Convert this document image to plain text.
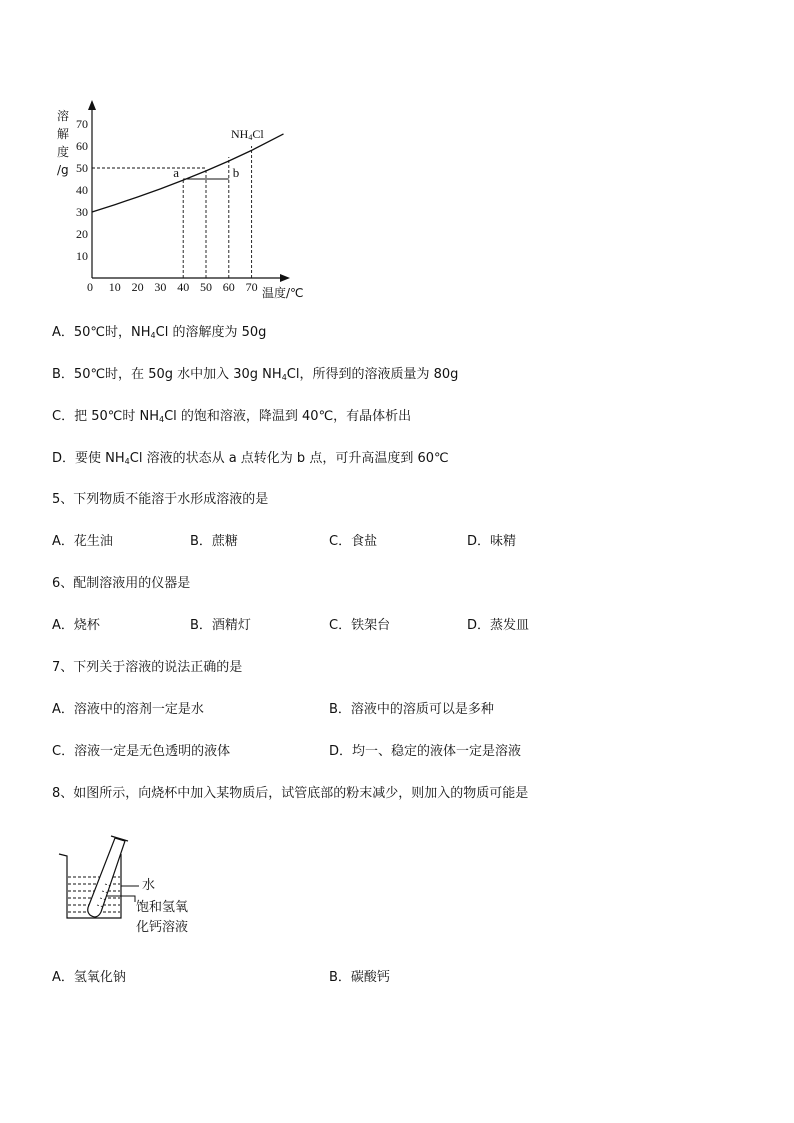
溶
解
度
/g
10
20
30
40
50
60
70
0 10 20 30 40 50 60 70
a	b
NH4Cl
温度/℃
A．50℃时，$NH_4Cl$ 的溶解度为 50g
B．50℃时，在 50g 水中加入 30g $NH_4Cl$，所得到的溶液质量为 80g
C．把 50℃时 $NH_4Cl$ 的饱和溶液，降温到 40℃，有晶体析出
D．要使 $NH_4Cl$ 溶液的状态从 a 点转化为 b 点，可升高温度到 60℃
5、下列物质不能溶于水形成溶液的是
A．花生油	B．蔗糖	C．食盐	D．味精
6、配制溶液用的仪器是
A．烧杯	B．酒精灯	C．铁架台	D．蒸发皿
7、下列关于溶液的说法正确的是
A．溶液中的溶剂一定是水	B．溶液中的溶质可以是多种
C．溶液一定是无色透明的液体	D．均一、稳定的液体一定是溶液
8、如图所示，向烧杯中加入某物质后，试管底部的粉末减少，则加入的物质可能是
水
饱和氢氧
化钙溶液
A．氢氧化钠	B．碳酸钙
